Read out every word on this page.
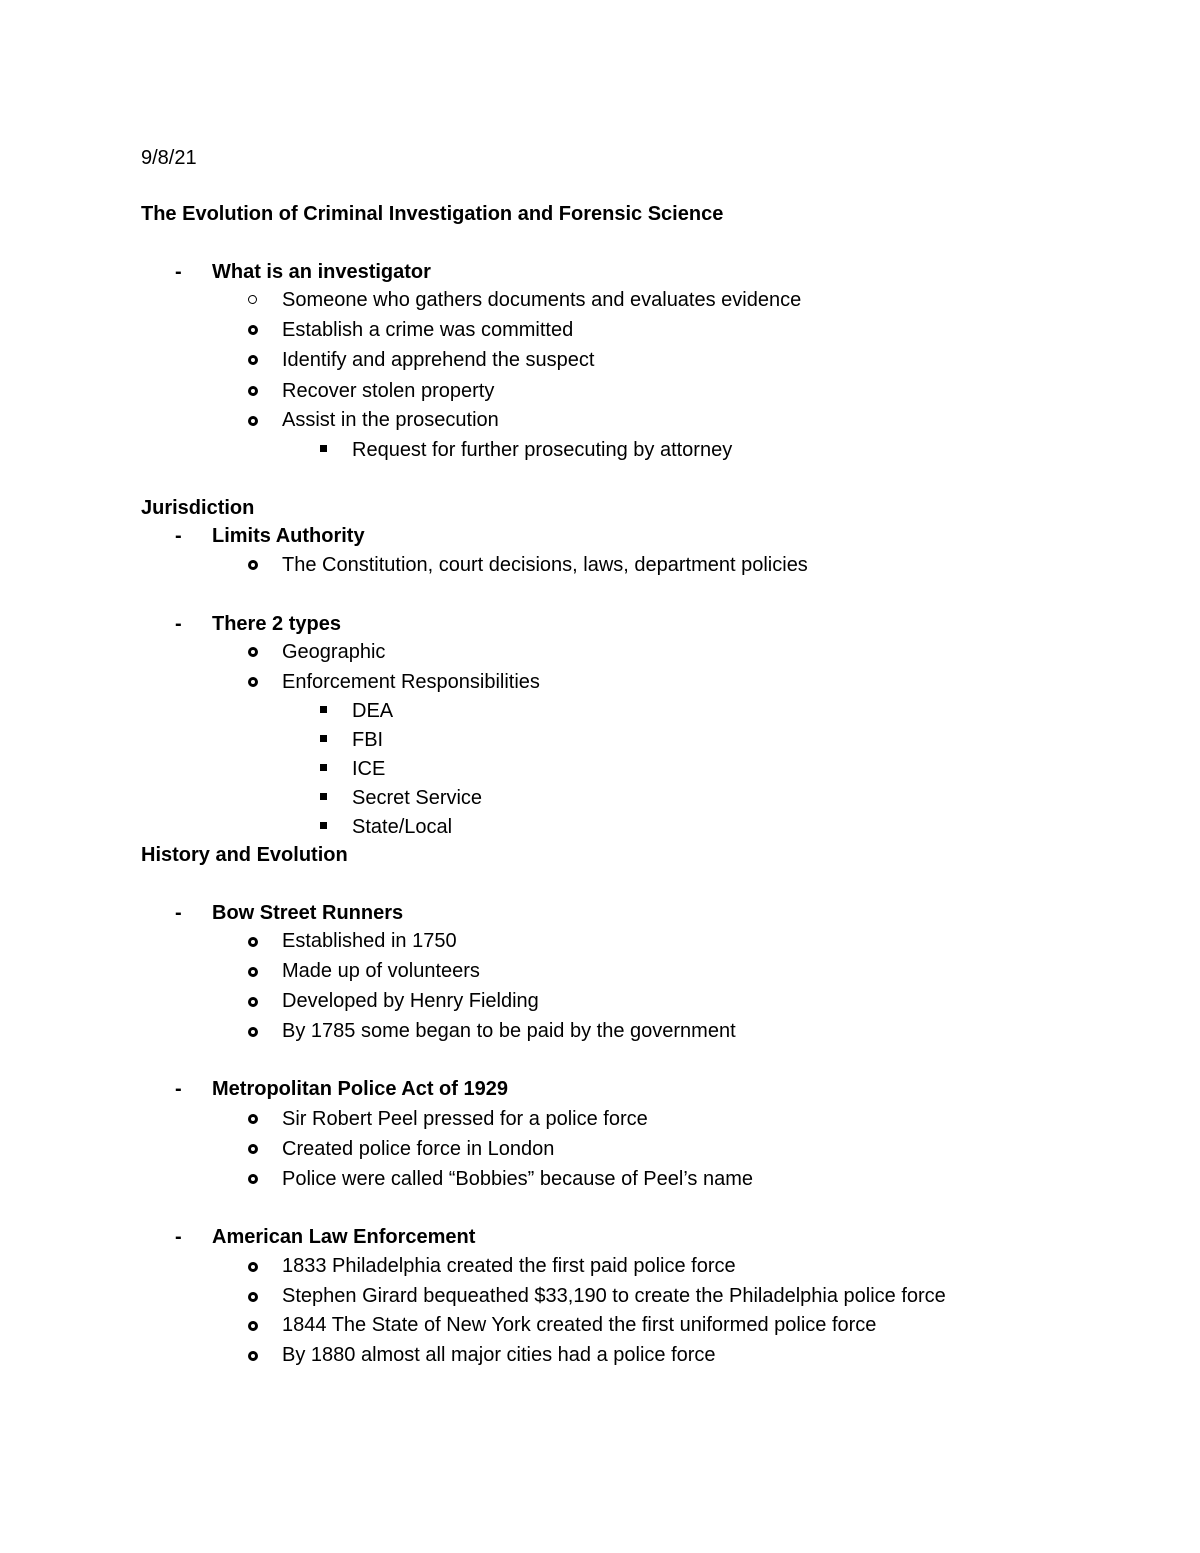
9/8/21
The Evolution of Criminal Investigation and Forensic Science
- What is an investigator
Someone who gathers documents and evaluates evidence
Establish a crime was committed
Identify and apprehend the suspect
Recover stolen property
Assist in the prosecution
Request for further prosecuting by attorney
Jurisdiction
- Limits Authority
The Constitution, court decisions, laws, department policies
- There 2 types
Geographic
Enforcement Responsibilities
DEA
FBI
ICE
Secret Service
State/Local
History and Evolution
- Bow Street Runners
Established in 1750
Made up of volunteers
Developed by Henry Fielding
By 1785 some began to be paid by the government
- Metropolitan Police Act of 1929
Sir Robert Peel pressed for a police force
Created police force in London
Police were called “Bobbies” because of Peel’s name
- American Law Enforcement
1833 Philadelphia created the first paid police force
Stephen Girard bequeathed $33,190 to create the Philadelphia police force
1844 The State of New York created the first uniformed police force
By 1880 almost all major cities had a police force
